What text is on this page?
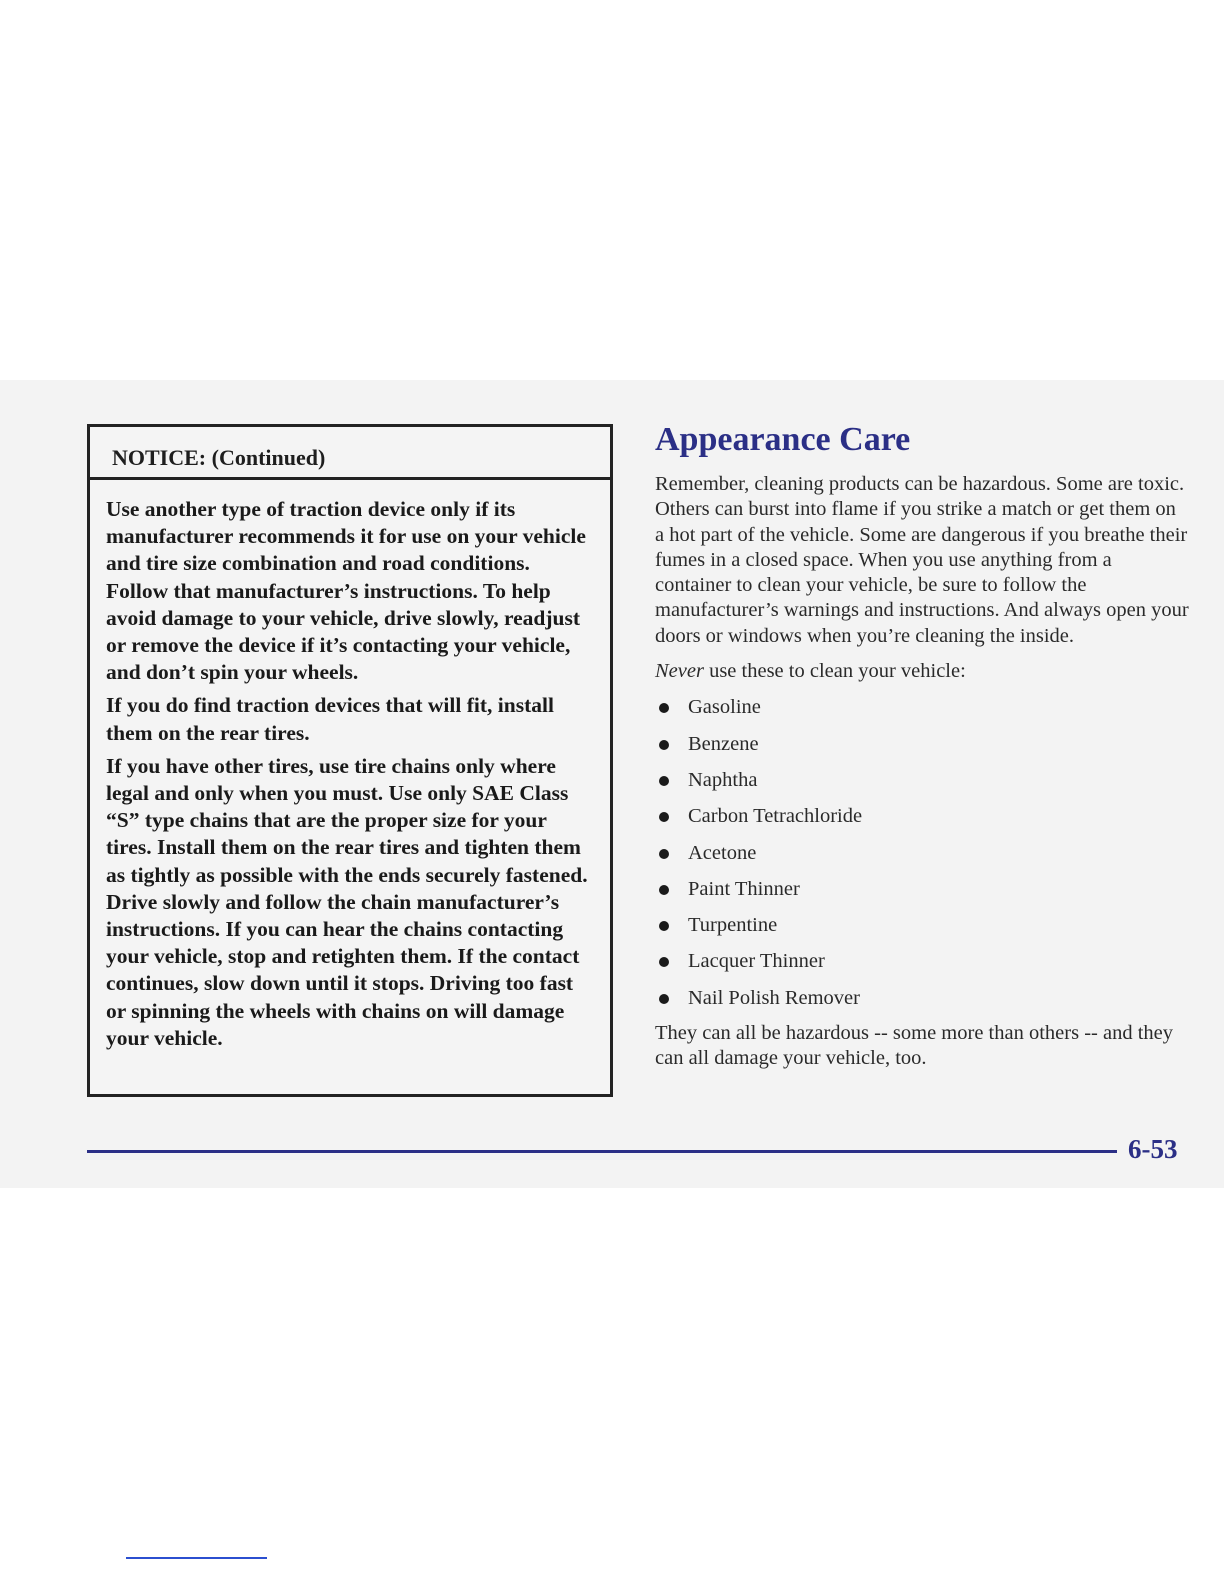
NOTICE: (Continued)

Use another type of traction device only if its manufacturer recommends it for use on your vehicle and tire size combination and road conditions. Follow that manufacturer’s instructions. To help avoid damage to your vehicle, drive slowly, readjust or remove the device if it’s contacting your vehicle, and don’t spin your wheels.

If you do find traction devices that will fit, install them on the rear tires.

If you have other tires, use tire chains only where legal and only when you must. Use only SAE Class “S” type chains that are the proper size for your tires. Install them on the rear tires and tighten them as tightly as possible with the ends securely fastened. Drive slowly and follow the chain manufacturer’s instructions. If you can hear the chains contacting your vehicle, stop and retighten them. If the contact continues, slow down until it stops. Driving too fast or spinning the wheels with chains on will damage your vehicle.

Appearance Care

Remember, cleaning products can be hazardous. Some are toxic. Others can burst into flame if you strike a match or get them on a hot part of the vehicle. Some are dangerous if you breathe their fumes in a closed space. When you use anything from a container to clean your vehicle, be sure to follow the manufacturer’s warnings and instructions. And always open your doors or windows when you’re cleaning the inside.

Never use these to clean your vehicle:

Gasoline
Benzene
Naphtha
Carbon Tetrachloride
Acetone
Paint Thinner
Turpentine
Lacquer Thinner
Nail Polish Remover

They can all be hazardous -- some more than others -- and they can all damage your vehicle, too.

6-53
